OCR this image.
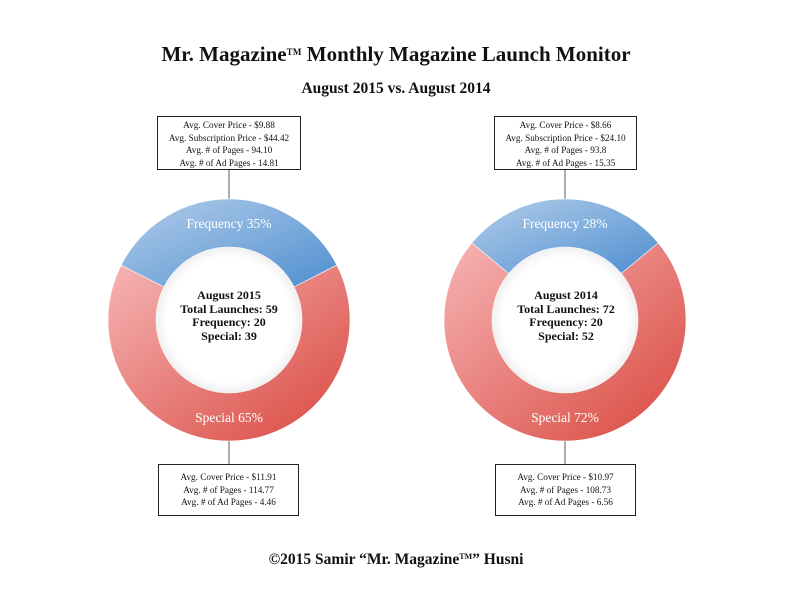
Mr. Magazine™ Monthly Magazine Launch Monitor
August 2015 vs. August 2014
Frequency 35%
Special 65%
Frequency 28%
Special 72%
Avg. Cover Price - $9.88
Avg. Subscription Price - $44.42
Avg. # of Pages - 94.10
Avg. # of Ad Pages - 14.81
Avg. Cover Price - $11.91
Avg. # of Pages - 114.77
Avg. # of Ad Pages - 4.46
August 2015
Total Launches: 59
Frequency: 20
Special: 39
Avg. Cover Price - $8.66
Avg. Subscription Price - $24.10
Avg. # of Pages - 93.8
Avg. # of Ad Pages - 15.35
Avg. Cover Price - $10.97
Avg. # of Pages - 108.73
Avg. # of Ad Pages - 6.56
August 2014
Total Launches: 72
Frequency: 20
Special: 52
©2015 Samir “Mr. Magazine™” Husni
